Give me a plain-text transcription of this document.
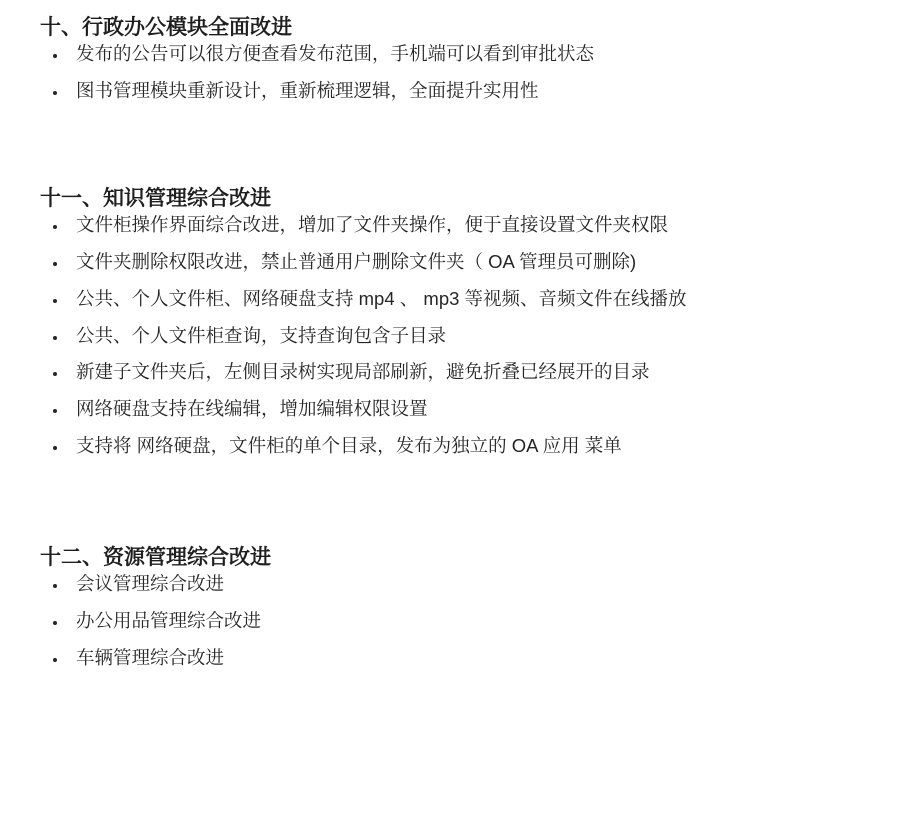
十、行政办公模块全面改进
• 发布的公告可以很方便查看发布范围，手机端可以看到审批状态
• 图书管理模块重新设计，重新梳理逻辑，全面提升实用性
十一、知识管理综合改进
• 文件柜操作界面综合改进，增加了文件夹操作，便于直接设置文件夹权限
• 文件夹删除权限改进，禁止普通用户删除文件夹（ OA 管理员可删除)
• 公共、个人文件柜、网络硬盘支持 mp4 、 mp3 等视频、音频文件在线播放
• 公共、个人文件柜查询，支持查询包含子目录
• 新建子文件夹后，左侧目录树实现局部刷新，避免折叠已经展开的目录
• 网络硬盘支持在线编辑，增加编辑权限设置
• 支持将 网络硬盘，文件柜的单个目录，发布为独立的 OA 应用 菜单
十二、资源管理综合改进
• 会议管理综合改进
• 办公用品管理综合改进
• 车辆管理综合改进
